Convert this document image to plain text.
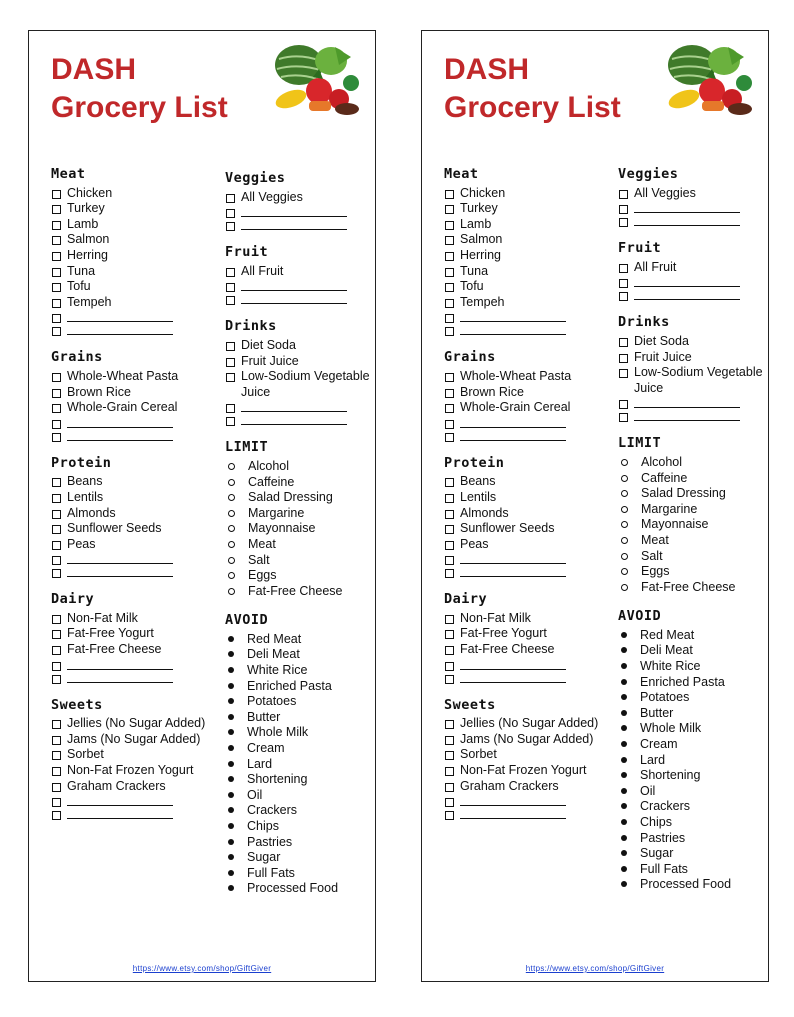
DASH
Grocery List
Meat
Chicken
Turkey
Lamb
Salmon
Herring
Tuna
Tofu
Tempeh
Grains
Whole-Wheat Pasta
Brown Rice
Whole-Grain Cereal
Protein
Beans
Lentils
Almonds
Sunflower Seeds
Peas
Dairy
Non-Fat Milk
Fat-Free Yogurt
Fat-Free Cheese
Sweets
Jellies (No Sugar Added)
Jams (No Sugar Added)
Sorbet
Non-Fat Frozen Yogurt
Graham Crackers
Veggies
All Veggies
Fruit
All Fruit
Drinks
Diet Soda
Fruit Juice
Low-Sodium Vegetable Juice
LIMIT
Alcohol
Caffeine
Salad Dressing
Margarine
Mayonnaise
Meat
Salt
Eggs
Fat-Free Cheese
AVOID
Red Meat
Deli Meat
White Rice
Enriched Pasta
Potatoes
Butter
Whole Milk
Cream
Lard
Shortening
Oil
Crackers
Chips
Pastries
Sugar
Full Fats
Processed Food
https://www.etsy.com/shop/GiftGiver
DASH
Grocery List
Meat
Chicken
Turkey
Lamb
Salmon
Herring
Tuna
Tofu
Tempeh
Grains
Whole-Wheat Pasta
Brown Rice
Whole-Grain Cereal
Protein
Beans
Lentils
Almonds
Sunflower Seeds
Peas
Dairy
Non-Fat Milk
Fat-Free Yogurt
Fat-Free Cheese
Sweets
Jellies (No Sugar Added)
Jams (No Sugar Added)
Sorbet
Non-Fat Frozen Yogurt
Graham Crackers
Veggies
All Veggies
Fruit
All Fruit
Drinks
Diet Soda
Fruit Juice
Low-Sodium Vegetable Juice
LIMIT
Alcohol
Caffeine
Salad Dressing
Margarine
Mayonnaise
Meat
Salt
Eggs
Fat-Free Cheese
AVOID
Red Meat
Deli Meat
White Rice
Enriched Pasta
Potatoes
Butter
Whole Milk
Cream
Lard
Shortening
Oil
Crackers
Chips
Pastries
Sugar
Full Fats
Processed Food
https://www.etsy.com/shop/GiftGiver
